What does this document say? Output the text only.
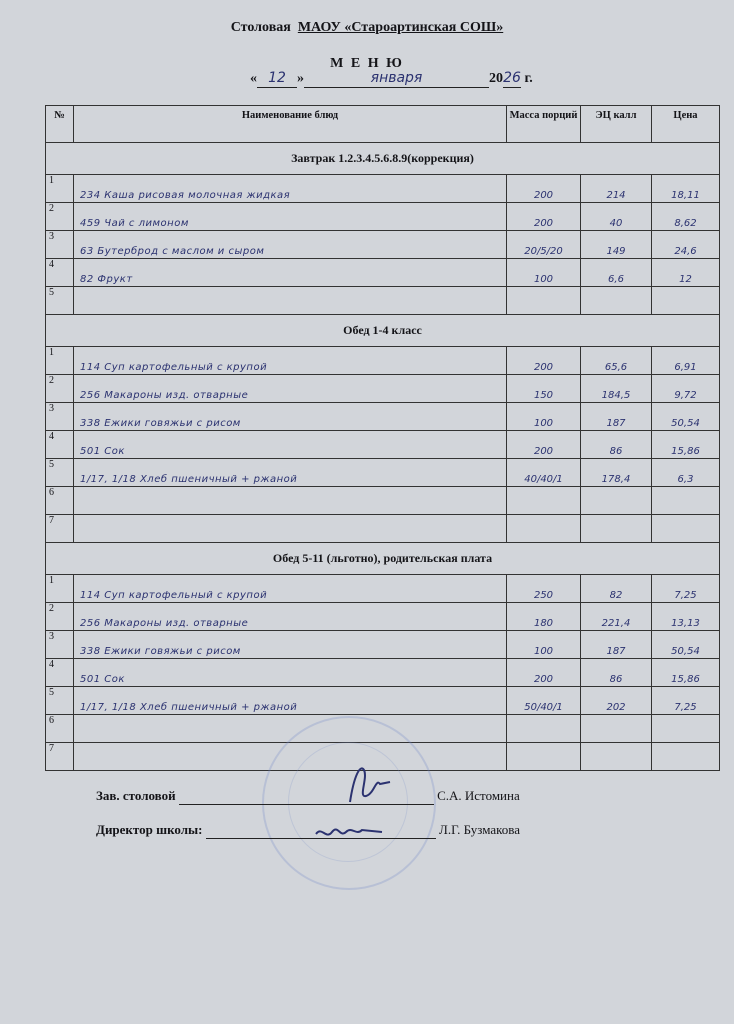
Столовая МАОУ «Староартинская СОШ»
М Е Н Ю
« 12 »	января	2026 г.
№	Наименование блюд	Масса порций	ЭЦ калл	Цена
Завтрак 1.2.3.4.5.6.8.9(коррекция)				
1	234 Каша рисовая молочная жидкая	200	214	18,11
2	459 Чай с лимоном	200	40	8,62
3	63 Бутерброд с маслом и сыром	20/5/20	149	24,6
4	82 Фрукт	100	6,6	12
5				
Обед 1-4 класс				
1	114 Суп картофельный с крупой	200	65,6	6,91
2	256 Макароны изд. отварные	150	184,5	9,72
3	338 Ежики говяжьи с рисом	100	187	50,54
4	501 Сок	200	86	15,86
5	1/17, 1/18 Хлеб пшеничный + ржаной	40/40/1	178,4	6,3
6				
7				
Обед 5-11 (льготно), родительская плата				
1	114 Суп картофельный с крупой	250	82	7,25
2	256 Макароны изд. отварные	180	221,4	13,13
3	338 Ежики говяжьи с рисом	100	187	50,54
4	501 Сок	200	86	15,86
5	1/17, 1/18 Хлеб пшеничный + ржаной	50/40/1	202	7,25
6				
7				
Зав. столовой	С.А. Истомина
Директор школы:	Л.Г. Бузмакова
